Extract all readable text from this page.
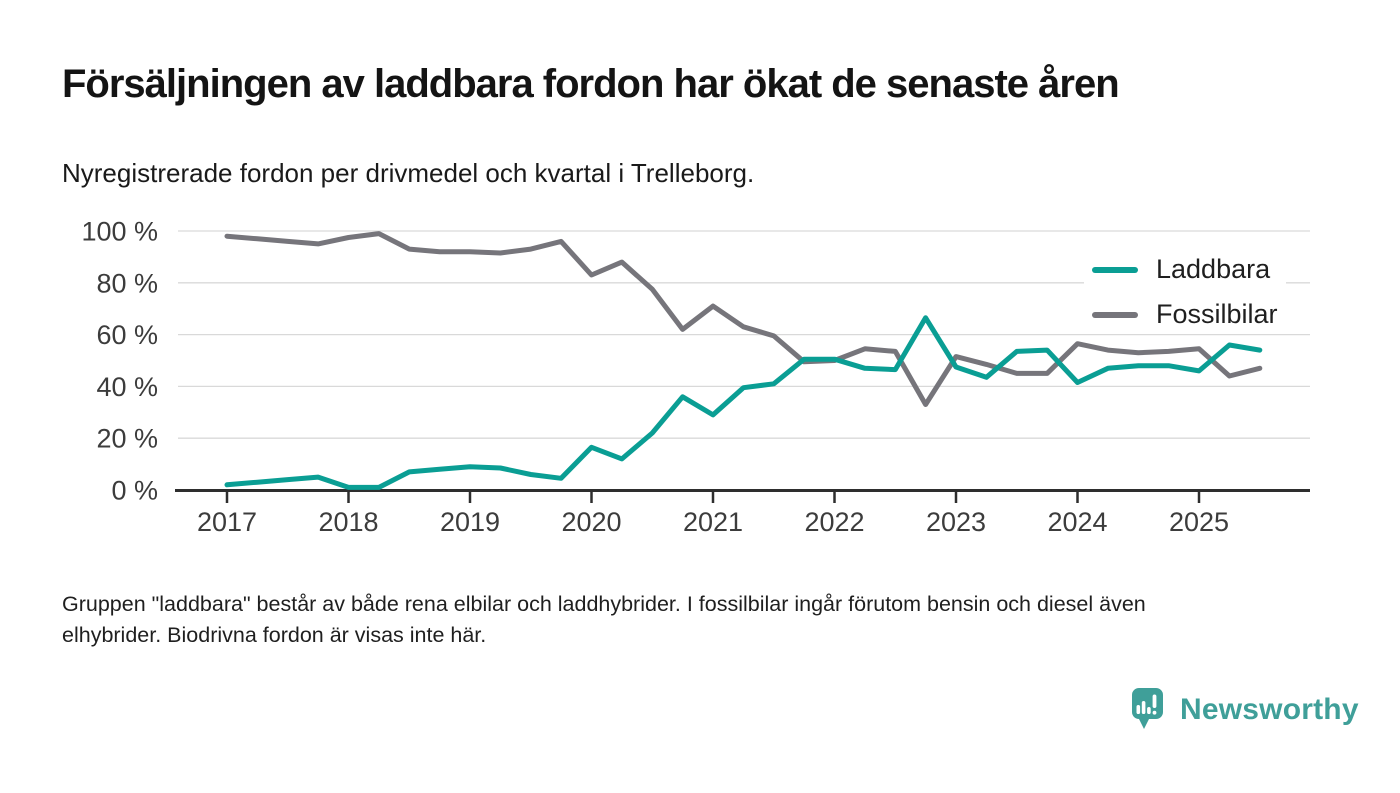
Försäljningen av laddbara fordon har ökat de senaste åren
Nyregistrerade fordon per drivmedel och kvartal i Trelleborg.
0 %
20 %
40 %
60 %
80 %
100 %
2017 2018 2019 2020 2021 2022 2023 2024 2025
Laddbara
Fossilbilar
Gruppen "laddbara" består av både rena elbilar och laddhybrider. I fossilbilar ingår förutom bensin och diesel även
elhybrider. Biodrivna fordon är visas inte här.
Newsworthy
